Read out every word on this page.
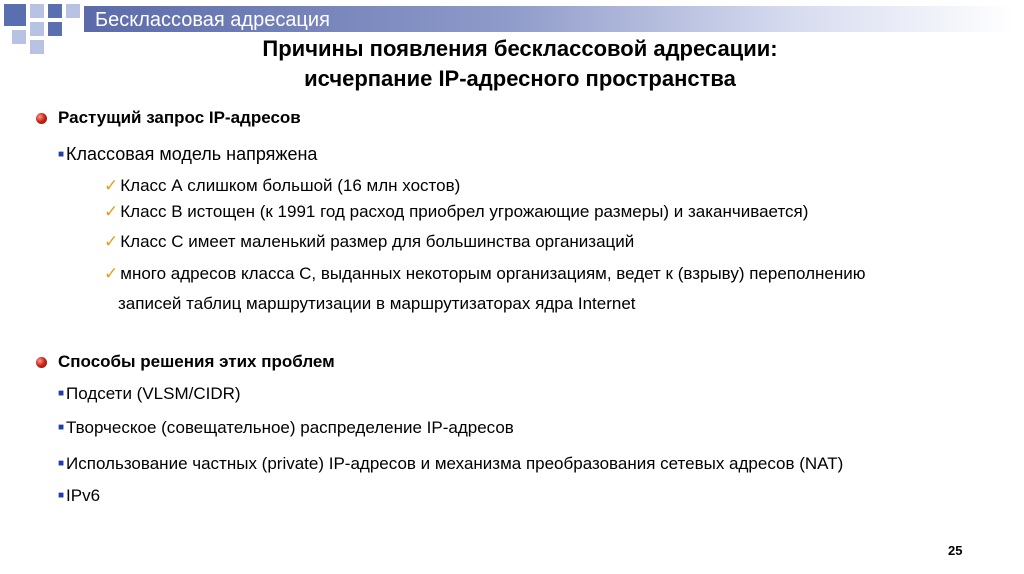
Бесклассовая адресация
Причины появления бесклассовой адресации:
исчерпание IP-адресного пространства
Растущий запрос IP-адресов
■ Классовая модель напряжена
✓ Класс А слишком большой (16 млн хостов)
✓ Класс В истощен (к 1991 год расход приобрел угрожающие размеры) и заканчивается)
✓ Класс С имеет маленький размер для большинства организаций
✓ много адресов класса С, выданных некоторым организациям, ведет к (взрыву) переполнению
записей таблиц маршрутизации в маршрутизаторах ядра Internet
Способы решения этих проблем
■ Подсети (VLSM/CIDR)
■ Творческое (совещательное) распределение IP-адресов
■ Использование частных (private) IP-адресов и механизма преобразования сетевых адресов (NAT)
■ IPv6
25
